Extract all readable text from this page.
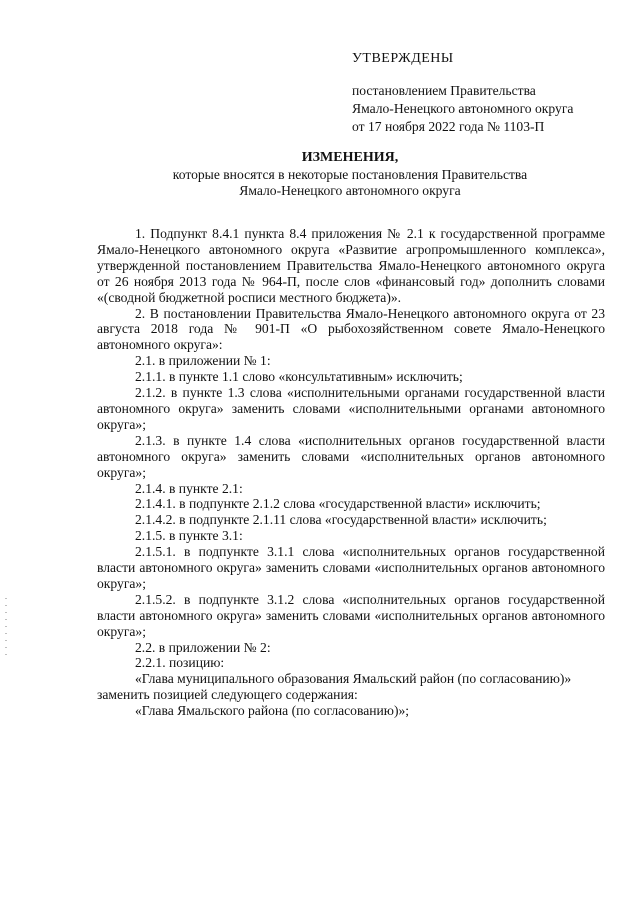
УТВЕРЖДЕНЫ
постановлением Правительства
Ямало-Ненецкого автономного округа
от 17 ноября 2022 года № 1103-П
ИЗМЕНЕНИЯ,
которые вносятся в некоторые постановления Правительства
Ямало-Ненецкого автономного округа

1. Подпункт 8.4.1 пункта 8.4 приложения № 2.1 к государственной программе Ямало-Ненецкого автономного округа «Развитие агропромышленного комплекса», утвержденной постановлением Правительства Ямало-Ненецкого автономного округа от 26 ноября 2013 года № 964-П, после слов «финансовый год» дополнить словами «(сводной бюджетной росписи местного бюджета)».

2. В постановлении Правительства Ямало-Ненецкого автономного округа от 23 августа 2018 года № 901-П «О рыбохозяйственном совете Ямало-Ненецкого автономного округа»:

2.1. в приложении № 1:

2.1.1. в пункте 1.1 слово «консультативным» исключить;

2.1.2. в пункте 1.3 слова «исполнительными органами государственной власти автономного округа» заменить словами «исполнительными органами автономного округа»;

2.1.3. в пункте 1.4 слова «исполнительных органов государственной власти автономного округа» заменить словами «исполнительных органов автономного округа»;

2.1.4. в пункте 2.1:

2.1.4.1. в подпункте 2.1.2 слова «государственной власти» исключить;

2.1.4.2. в подпункте 2.1.11 слова «государственной власти» исключить;

2.1.5. в пункте 3.1:

2.1.5.1. в подпункте 3.1.1 слова «исполнительных органов государственной власти автономного округа» заменить словами «исполнительных органов автономного округа»;

2.1.5.2. в подпункте 3.1.2 слова «исполнительных органов государственной власти автономного округа» заменить словами «исполнительных органов автономного округа»;

2.2. в приложении № 2:

2.2.1. позицию:

«Глава муниципального образования Ямальский район (по согласованию)»

заменить позицией следующего содержания:

«Глава Ямальского района (по согласованию)»;
